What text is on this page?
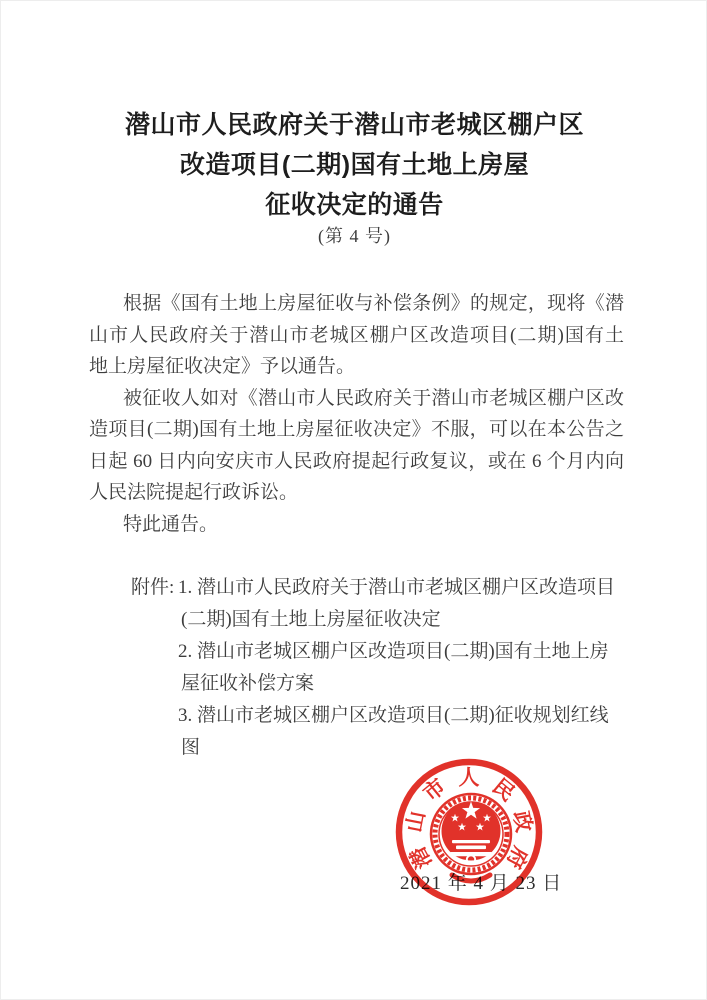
潜山市人民政府关于潜山市老城区棚户区
改造项目(二期)国有土地上房屋
征收决定的通告
(第 4 号)
根据《国有土地上房屋征收与补偿条例》的规定，现将《潜
山市人民政府关于潜山市老城区棚户区改造项目(二期)国有土
地上房屋征收决定》予以通告。
被征收人如对《潜山市人民政府关于潜山市老城区棚户区改
造项目(二期)国有土地上房屋征收决定》不服，可以在本公告之
日起 60 日内向安庆市人民政府提起行政复议，或在 6 个月内向
人民法院提起行政诉讼。
特此通告。
附件: 1. 潜山市人民政府关于潜山市老城区棚户区改造项目
(二期)国有土地上房屋征收决定
2. 潜山市老城区棚户区改造项目(二期)国有土地上房
屋征收补偿方案
3. 潜山市老城区棚户区改造项目(二期)征收规划红线
图
2021 年 4 月 23 日
潜
山
市 人 民
政
府
